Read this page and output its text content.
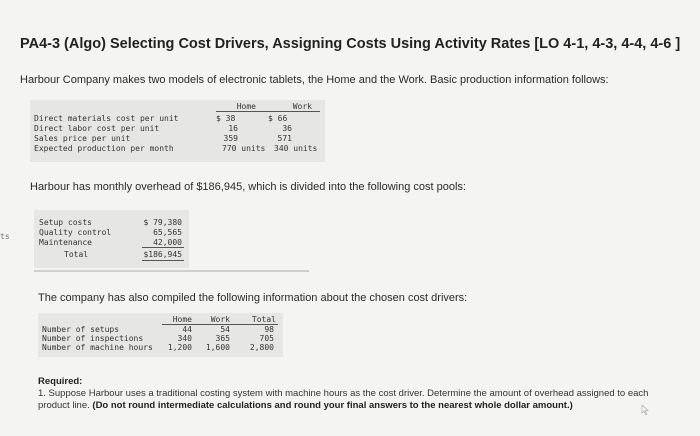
PA4-3 (Algo) Selecting Cost Drivers, Assigning Costs Using Activity Rates [LO 4-1, 4-3, 4-4, 4-6 ]
Harbour Company makes two models of electronic tablets, the Home and the Work. Basic production information follows:
Home	Work
Direct materials cost per unit	$ 38	$ 66
Direct labor cost per unit	16	36
Sales price per unit	359	571
Expected production per month	770 units 340 units
Harbour has monthly overhead of $186,945, which is divided into the following cost pools:
ts
Setup costs	$ 79,380
Quality control	65,565
Maintenance	42,000
Total	$186,945
The company has also compiled the following information about the chosen cost drivers:
Home	Work	Total
Number of setups	44	54	98
Number of inspections	340	365	705
Number of machine hours	1,200	1,600	2,800
Required:
1. Suppose Harbour uses a traditional costing system with machine hours as the cost driver. Determine the amount of overhead assigned to each product line. (Do not round intermediate calculations and round your final answers to the nearest whole dollar amount.)
